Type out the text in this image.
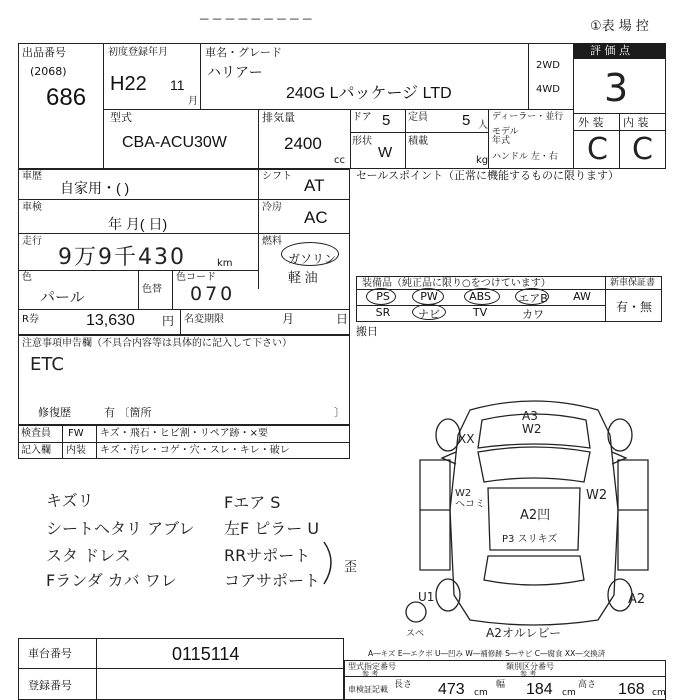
─ ─ ─ ─ ─ ─ ─ ─ ─	①表 場 控
出品番号
(2068)
686
初度登録年月
H22 11
月
車名・グレード
ハリアー
240G Lパッケージ LTD
2WD
4WD
評 価 点
3
外 装 内 装
C C
型式
CBA-ACU30W
排気量
2400
cc
ドア 5 定員 5 人
形状
W
積載
kg
ディーラー・並行
モデル年式
ハンドル 左・右
車歴
自家用・( )
シフト AT
車検
年 月( 日)
冷房
AC
走行
9万9千430	km
燃料
ガソリン
軽 油
色
パール	色替
色コード
070
R券	13,630 円 名変期限	月	日
セールスポイント（正常に機能するものに限ります）
装備品（純正品に限り○をつけています）	新車保証書
有・無
PS	PW	ABS	エアB	AW
SR	ナビ	TV	カワ
搬日
注意事項申告欄（不具合内容等は具体的に記入して下さい）
ETC
修復歴	有 〔箇所	〕
検査員 FW キズ・飛石・ヒビ割・リペア跡・×要
記入欄 内装 キズ・汚レ・コゲ・穴・スレ・キレ・破レ
キズリ
シートヘタリ アブレ
スタ ドレス
Fランダ カバ ワレ
Fエア S
左F ピラー U
RRサポート
コアサポート
歪
A3
W2
XX
W2
ヘコミ
W2
A2凹
P3 スリキズ
U1	A2
A2オルレビー
スペ
A―キズ E―エクボ U―凹み W―補修跡 S―サビ C―腐食 XX―交換済
車台番号	0115114
登録番号
型式指定番号
参 考
類別区分番号
参 考
車検証記載 長さ 473 cm
幅 184 cm
高さ 168 cm
